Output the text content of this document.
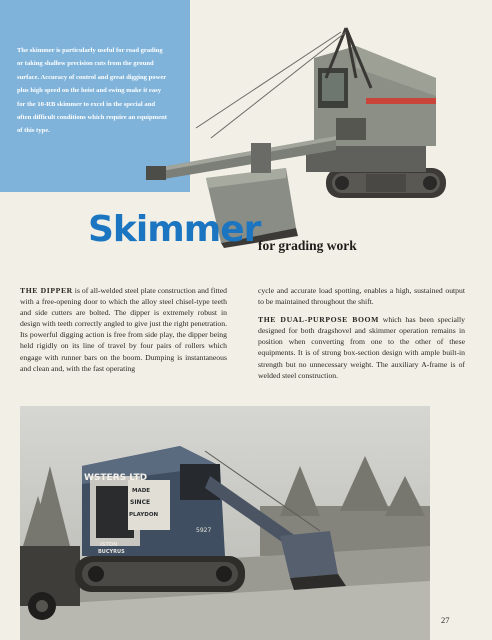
The skimmer is particularly useful for road grading or taking shallow precision cuts from the ground surface. Accuracy of control and great digging power plus high speed on the hoist and swing make it easy for the 10-RB skimmer to excel in the special and often difficult conditions which require an equipment of this type.

Skimmer
for grading work

THE DIPPER is of all-welded steel plate construction and fitted with a free-opening door to which the alloy steel chisel-type teeth and side cutters are bolted. The dipper is extremely robust in design with teeth correctly angled to give just the right penetration. Its powerful digging action is free from side play, the dipper being held rigidly on its line of travel by four pairs of rollers which engage with runner bars on the boom. Dumping is instantaneous and clean and, with the fast operating

cycle and accurate load spotting, enables a high, sustained output to be maintained throughout the shift.

THE DUAL-PURPOSE BOOM which has been specially designed for both dragshovel and skimmer operation remains in position when converting from one to the other of these equipments. It is of strong box-section design with ample built-in strength but no unnecessary weight. The auxiliary A-frame is of welded steel construction.

WSTERS LTD
MADE
SINCE
PLAYDON
ISTON
BUCYRUS
5927

27
